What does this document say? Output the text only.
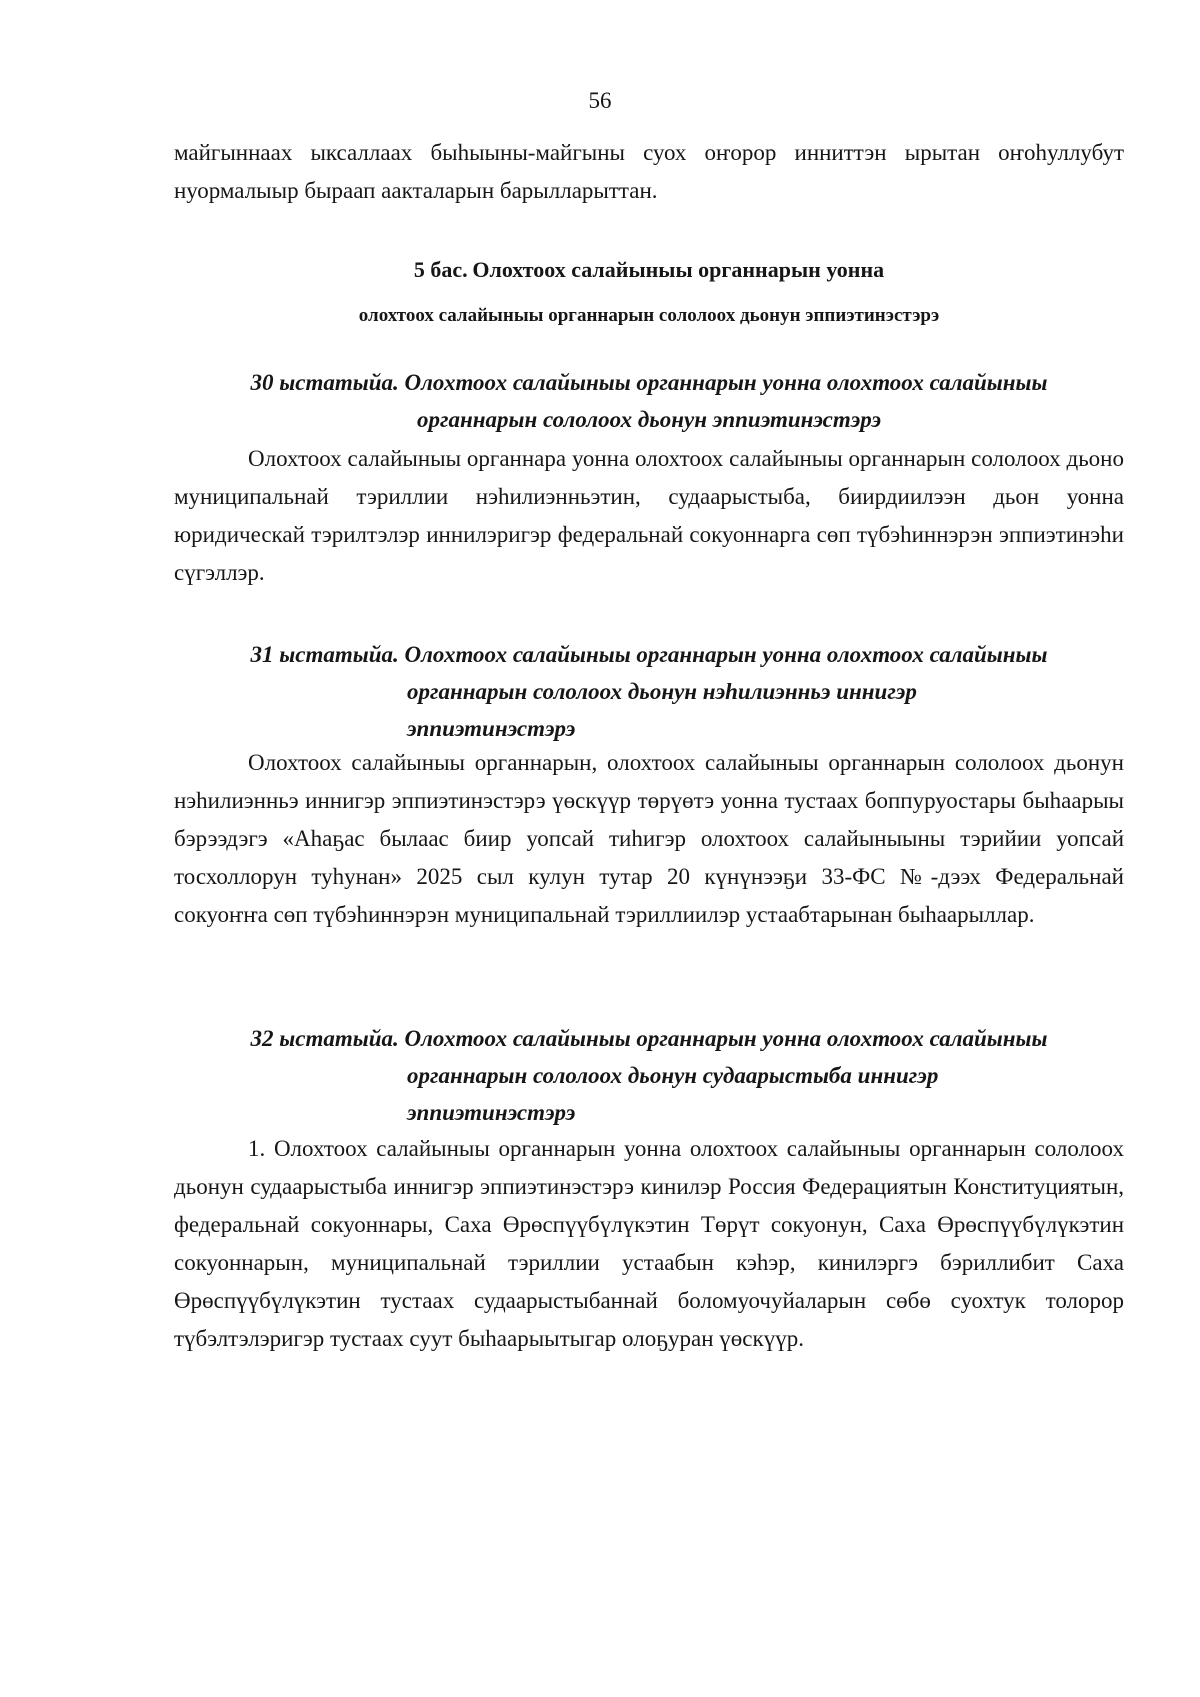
56

майгыннаах ыксаллаах быhыыны-майгыны суох оҥорор инниттэн ырытан оҥоhуллубут нуормалыыр быраап аакталарын барылларыттан.

5 бас. Олохтоох салайыныы органнарын уонна
олохтоох салайыныы органнарын сололоох дьонун эппиэтинэстэрэ
30 ыстатыйа. Олохтоох салайыныы органнарын уонна олохтоох салайыныы
органнарын сололоох дьонун эппиэтинэстэрэ

Олохтоох салайыныы органнара уонна олохтоох салайыныы органнарын сололоох дьоно муниципальнай тэриллии нэhилиэнньэтин, судаарыстыба, биирдиилээн дьон уонна юридическай тэрилтэлэр иннилэригэр федеральнай сокуоннарга сөп түбэhиннэрэн эппиэтинэhи сүгэллэр.

31 ыстатыйа. Олохтоох салайыныы органнарын уонна олохтоох салайыныы
органнарын сололоох дьонун нэhилиэнньэ иннигэр
эппиэтинэстэрэ

Олохтоох салайыныы органнарын, олохтоох салайыныы органнарын сололоох дьонун нэhилиэнньэ иннигэр эппиэтинэстэрэ үөскүүр төрүөтэ уонна тустаах боппуруостары быhаарыы бэрээдэгэ «Аhаҕас былаас биир уопсай тиhигэр олохтоох салайыныыны тэрийии уопсай тосхоллорун туhунан» 2025 сыл кулун тутар 20 күнүнээҕи 33-ФС №-дээх Федеральнай сокуоҥҥа сөп түбэhиннэрэн муниципальнай тэриллиилэр устаабтарынан быhаарыллар.

32 ыстатыйа. Олохтоох салайыныы органнарын уонна олохтоох салайыныы
органнарын сололоох дьонун судаарыстыба иннигэр
эппиэтинэстэрэ

1. Олохтоох салайыныы органнарын уонна олохтоох салайыныы органнарын сололоох дьонун судаарыстыба иннигэр эппиэтинэстэрэ кинилэр Россия Федерациятын Конституциятын, федеральнай сокуоннары, Саха Өрөспүүбүлүкэтин Төрүт сокуонун, Саха Өрөспүүбүлүкэтин сокуоннарын, муниципальнай тэриллии устаабын кэһэр, кинилэргэ бэриллибит Саха Өрөспүүбүлүкэтин тустаах судаарыстыбаннай боломуочуйаларын сөбө суохтук толорор түбэлтэлэригэр тустаах суут быhаарыытыгар олоҕуран үөскүүр.
